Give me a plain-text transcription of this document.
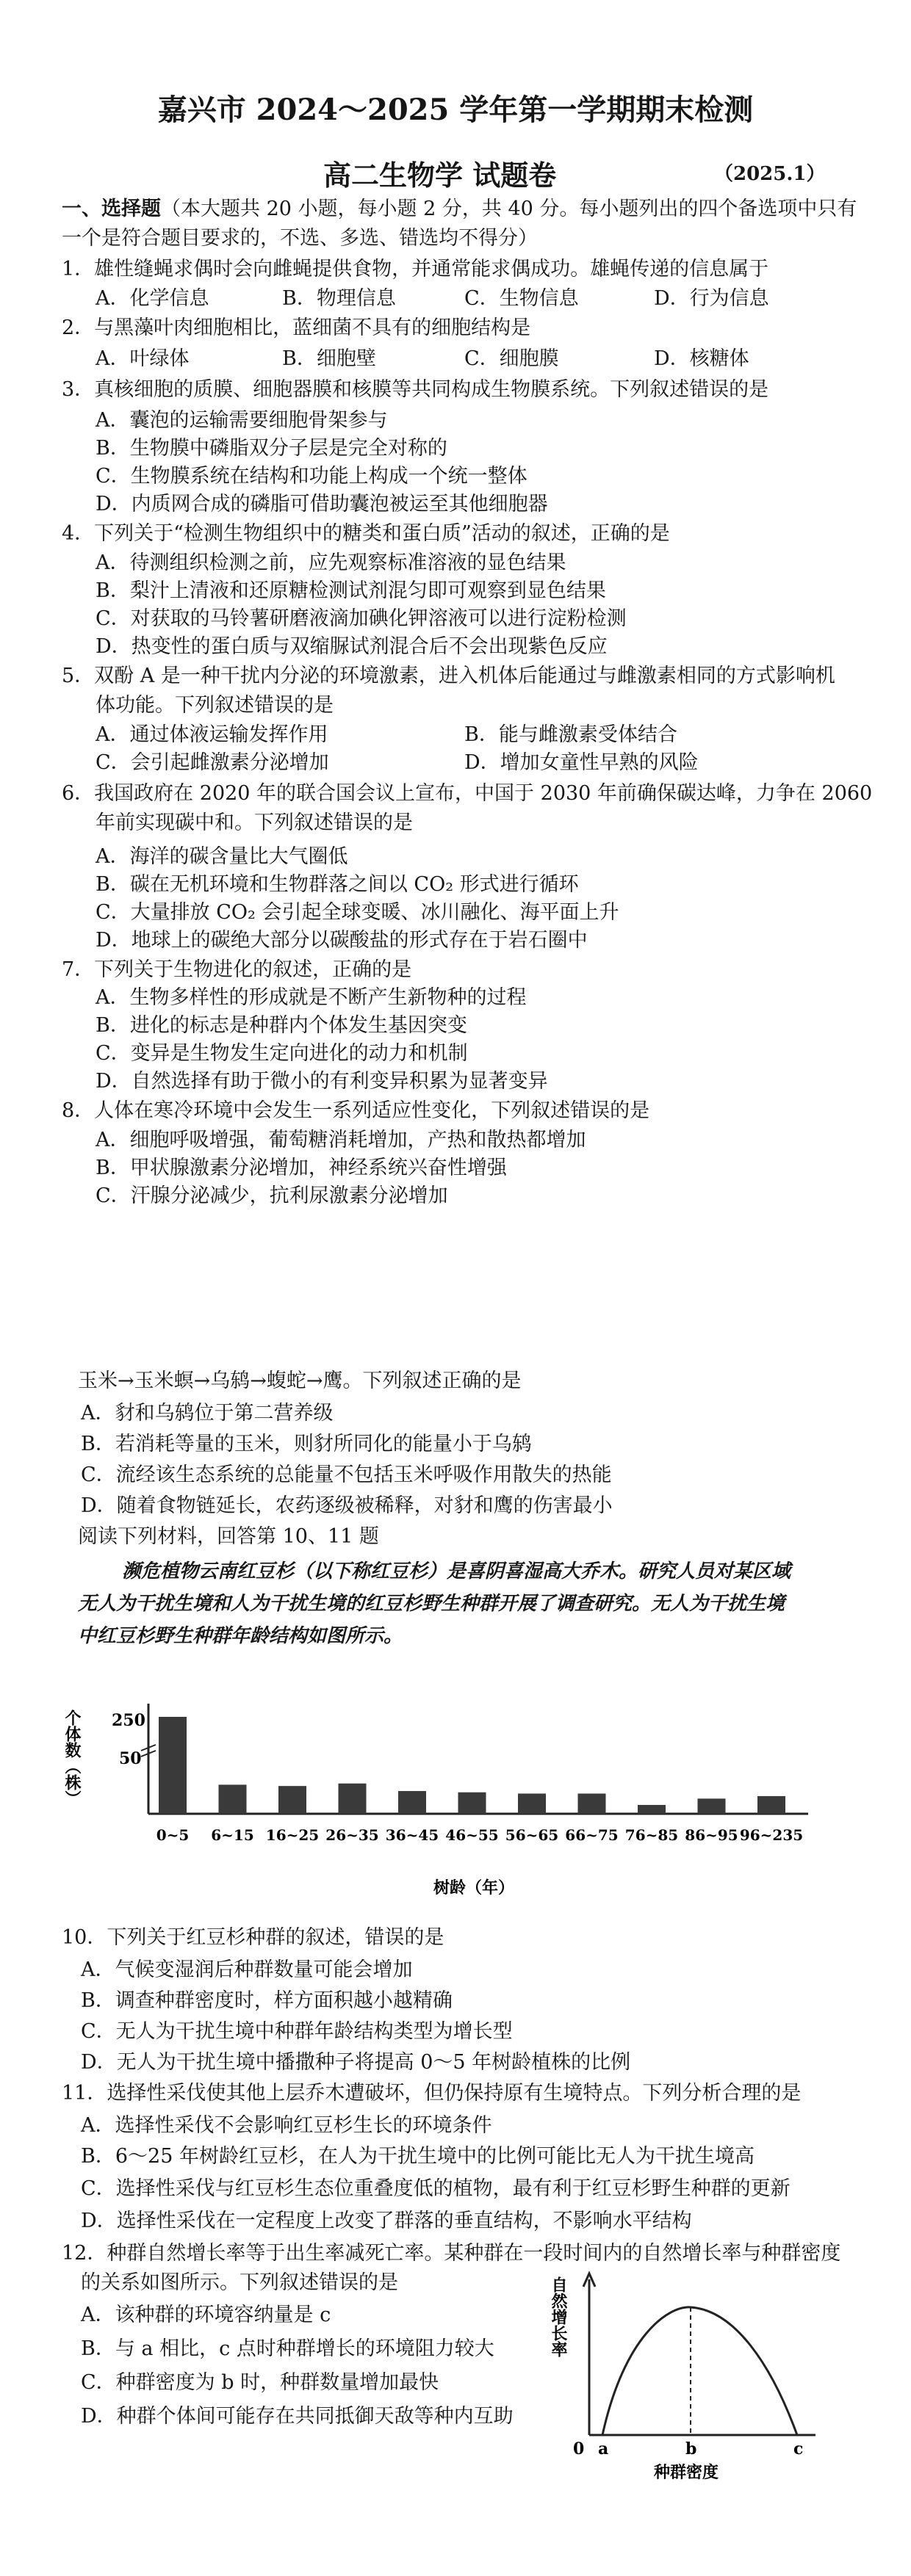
嘉兴市 2024～2025 学年第一学期期末检测
高二生物学 试题卷	（2025.1）
一、选择题（本大题共 20 小题，每小题 2 分，共 40 分。每小题列出的四个备选项中只有
一个是符合题目要求的，不选、多选、错选均不得分）
1．雄性缝蝇求偶时会向雌蝇提供食物，并通常能求偶成功。雄蝇传递的信息属于
A．化学信息	B．物理信息	C．生物信息	D．行为信息
2．与黑藻叶肉细胞相比，蓝细菌不具有的细胞结构是
A．叶绿体	B．细胞壁	C．细胞膜	D．核糖体
3．真核细胞的质膜、细胞器膜和核膜等共同构成生物膜系统。下列叙述错误的是
A．囊泡的运输需要细胞骨架参与
B．生物膜中磷脂双分子层是完全对称的
C．生物膜系统在结构和功能上构成一个统一整体
D．内质网合成的磷脂可借助囊泡被运至其他细胞器
4．下列关于“检测生物组织中的糖类和蛋白质”活动的叙述，正确的是
A．待测组织检测之前，应先观察标准溶液的显色结果
B．梨汁上清液和还原糖检测试剂混匀即可观察到显色结果
C．对获取的马铃薯研磨液滴加碘化钾溶液可以进行淀粉检测
D．热变性的蛋白质与双缩脲试剂混合后不会出现紫色反应
5．双酚 A 是一种干扰内分泌的环境激素，进入机体后能通过与雌激素相同的方式影响机
体功能。下列叙述错误的是
A．通过体液运输发挥作用	B．能与雌激素受体结合
C．会引起雌激素分泌增加	D．增加女童性早熟的风险
6．我国政府在 2020 年的联合国会议上宣布，中国于 2030 年前确保碳达峰，力争在 2060
年前实现碳中和。下列叙述错误的是
A．海洋的碳含量比大气圈低
B．碳在无机环境和生物群落之间以 CO₂ 形式进行循环
C．大量排放 CO₂ 会引起全球变暖、冰川融化、海平面上升
D．地球上的碳绝大部分以碳酸盐的形式存在于岩石圈中
7．下列关于生物进化的叙述，正确的是
A．生物多样性的形成就是不断产生新物种的过程
B．进化的标志是种群内个体发生基因突变
C．变异是生物发生定向进化的动力和机制
D．自然选择有助于微小的有利变异积累为显著变异
8．人体在寒冷环境中会发生一系列适应性变化，下列叙述错误的是
A．细胞呼吸增强，葡萄糖消耗增加，产热和散热都增加
B．甲状腺激素分泌增加，神经系统兴奋性增强
C．汗腺分泌减少，抗利尿激素分泌增加
玉米→玉米螟→乌鸫→蝮蛇→鹰。下列叙述正确的是
A．豺和乌鸫位于第二营养级
B．若消耗等量的玉米，则豺所同化的能量小于乌鸫
C．流经该生态系统的总能量不包括玉米呼吸作用散失的热能
D．随着食物链延长，农药逐级被稀释，对豺和鹰的伤害最小
阅读下列材料，回答第 10、11 题
濒危植物云南红豆杉（以下称红豆杉）是喜阴喜湿高大乔木。研究人员对某区域
无人为干扰生境和人为干扰生境的红豆杉野生种群开展了调查研究。无人为干扰生境
中红豆杉野生种群年龄结构如图所示。
个体数（株） 250
50
0~5 6~15 16~25 26~35 36~45 46~55 56~65 66~75 76~85 86~95 96~235
树龄（年）
10．下列关于红豆杉种群的叙述，错误的是
A．气候变湿润后种群数量可能会增加
B．调查种群密度时，样方面积越小越精确
C．无人为干扰生境中种群年龄结构类型为增长型
D．无人为干扰生境中播撒种子将提高 0～5 年树龄植株的比例
11．选择性采伐使其他上层乔木遭破坏，但仍保持原有生境特点。下列分析合理的是
A．选择性采伐不会影响红豆杉生长的环境条件
B．6～25 年树龄红豆杉，在人为干扰生境中的比例可能比无人为干扰生境高
C．选择性采伐与红豆杉生态位重叠度低的植物，最有利于红豆杉野生种群的更新
D．选择性采伐在一定程度上改变了群落的垂直结构，不影响水平结构
12．种群自然增长率等于出生率减死亡率。某种群在一段时间内的自然增长率与种群密度
的关系如图所示。下列叙述错误的是
A．该种群的环境容纳量是 c
B．与 a 相比，c 点时种群增长的环境阻力较大
C．种群密度为 b 时，种群数量增加最快
D．种群个体间可能存在共同抵御天敌等种内互助
自然增长率
0 a	b	c
种群密度
